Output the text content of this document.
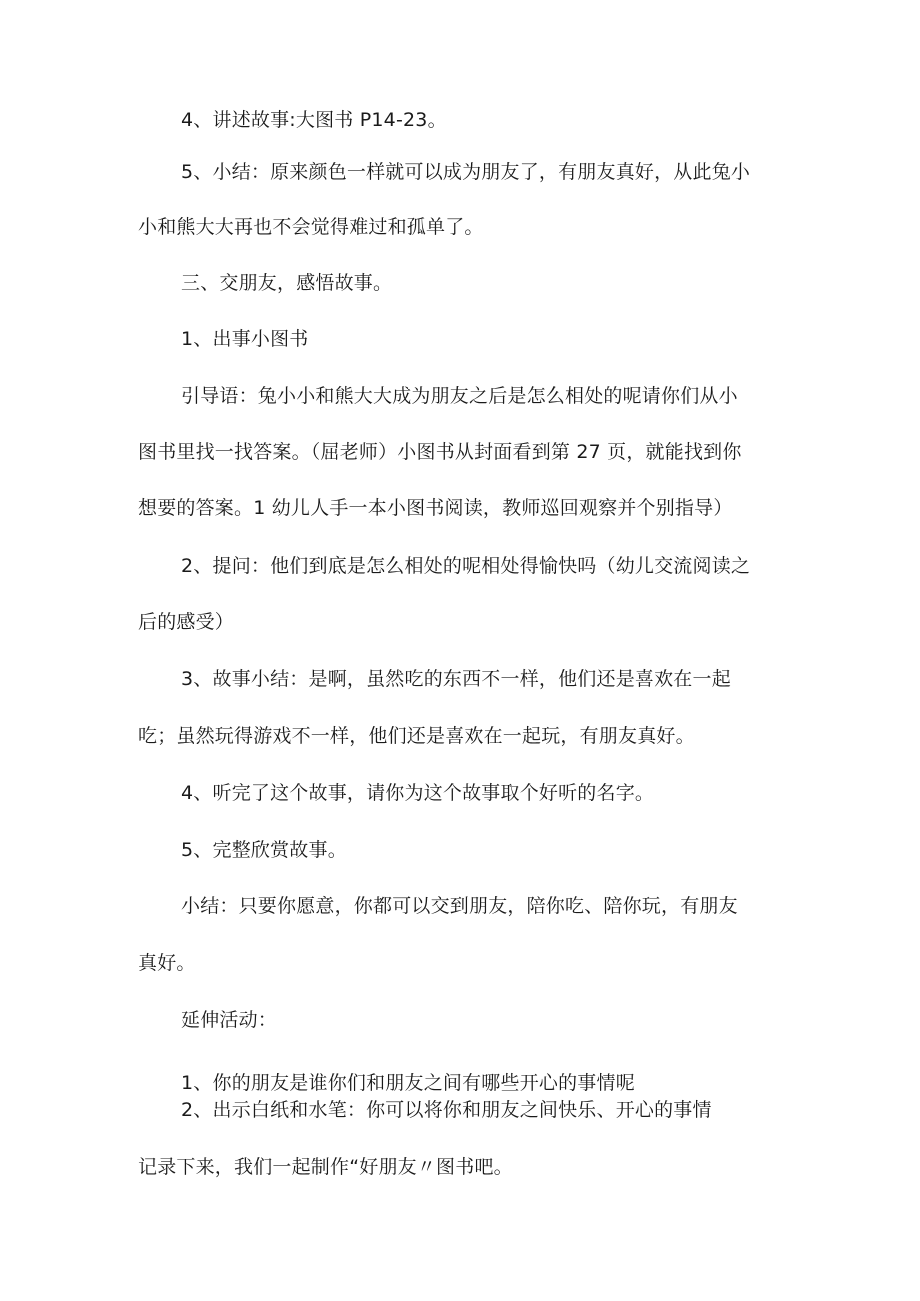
4、讲述故事:大图书 P14-23。
5、小结：原来颜色一样就可以成为朋友了，有朋友真好，从此兔小
小和熊大大再也不会觉得难过和孤单了。
三、交朋友，感悟故事。
1、出事小图书
引导语：兔小小和熊大大成为朋友之后是怎么相处的呢请你们从小
图书里找一找答案。（屈老师）小图书从封面看到第 27 页，就能找到你
想要的答案。1 幼儿人手一本小图书阅读，教师巡回观察并个别指导）
2、提问：他们到底是怎么相处的呢相处得愉快吗（幼儿交流阅读之
后的感受）
3、故事小结：是啊，虽然吃的东西不一样，他们还是喜欢在一起
吃；虽然玩得游戏不一样，他们还是喜欢在一起玩，有朋友真好。
4、听完了这个故事，请你为这个故事取个好听的名字。
5、完整欣赏故事。
小结：只要你愿意，你都可以交到朋友，陪你吃、陪你玩，有朋友
真好。
延伸活动：
1、你的朋友是谁你们和朋友之间有哪些开心的事情呢
2、出示白纸和水笔：你可以将你和朋友之间快乐、开心的事情
记录下来，我们一起制作“好朋友〃图书吧。
